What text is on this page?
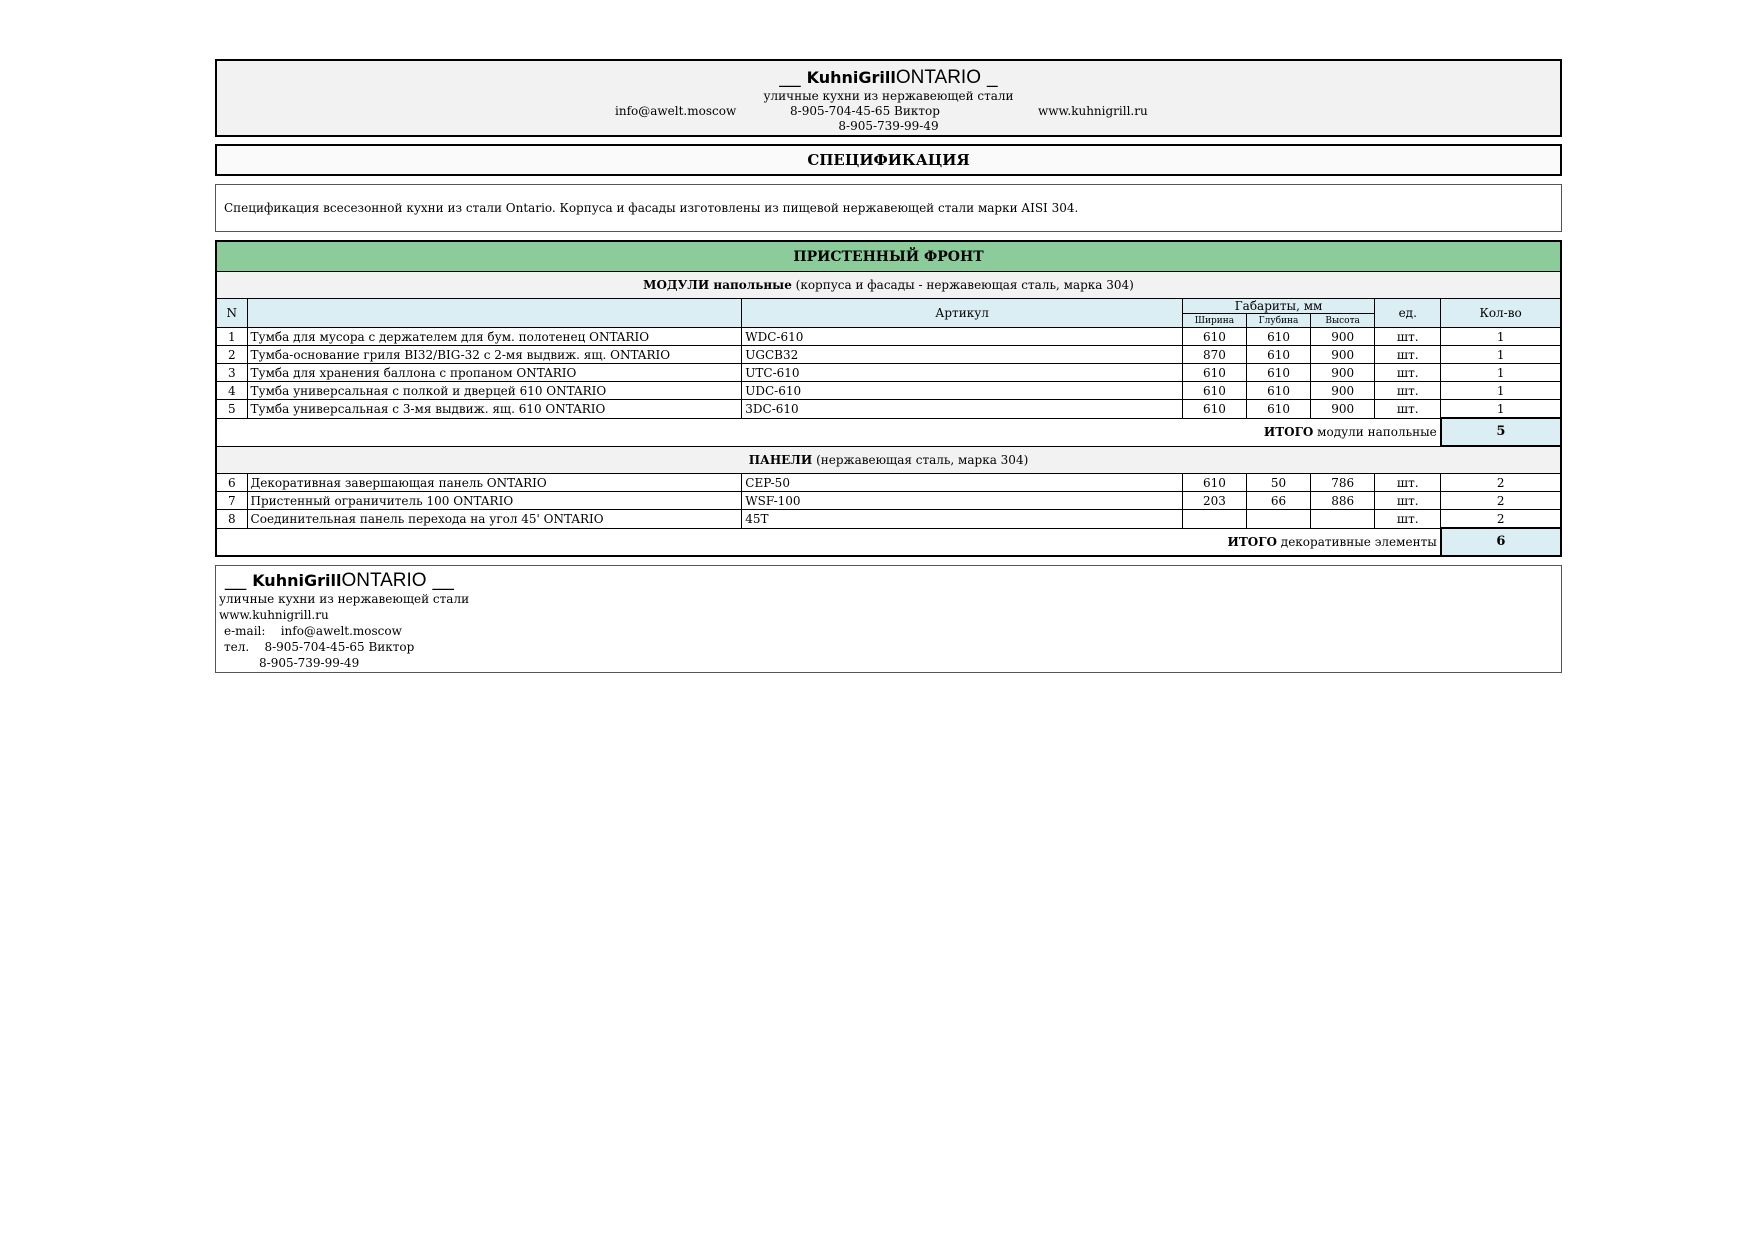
__ KuhniGrillONTARIO _
уличные кухни из нержавеющей стали
info@awelt.moscow	8-905-704-45-65 Виктор	www.kuhnigrill.ru
8-905-739-99-49
СПЕЦИФИКАЦИЯ
Спецификация всесезонной кухни из стали Ontario. Корпуса и фасады изготовлены из пищевой нержавеющей стали марки AISI 304.
ПРИСТЕННЫЙ ФРОНТ							
МОДУЛИ напольные (корпуса и фасады - нержавеющая сталь, марка 304)							
N		Артикул	Габариты, мм			ед.	Кол-во
			Ширина	Глубина	Высота		
1	Тумба для мусора с держателем для бум. полотенец ONTARIO	WDC-610	610	610	900	шт.	1
2	Тумба-основание гриля BI32/BIG-32 с 2-мя выдвиж. ящ. ONTARIO	UGCB32	870	610	900	шт.	1
3	Тумба для хранения баллона с пропаном ONTARIO	UTC-610	610	610	900	шт.	1
4	Тумба универсальная с полкой и дверцей 610 ONTARIO	UDC-610	610	610	900	шт.	1
5	Тумба универсальная с 3-мя выдвиж. ящ. 610 ONTARIO	3DC-610	610	610	900	шт.	1
ИТОГО модули напольные							5
ПАНЕЛИ (нержавеющая сталь, марка 304)							
6	Декоративная завершающая панель ONTARIO	CEP-50	610	50	786	шт.	2
7	Пристенный ограничитель 100 ONTARIO	WSF-100	203	66	886	шт.	2
8	Соединительная панель перехода на угол 45' ONTARIO	45T				шт.	2
ИТОГО декоративные элементы							6
__ KuhniGrillONTARIO __
уличные кухни из нержавеющей стали
www.kuhnigrill.ru
e-mail: info@awelt.moscow
тел. 8-905-704-45-65 Виктор
8-905-739-99-49
